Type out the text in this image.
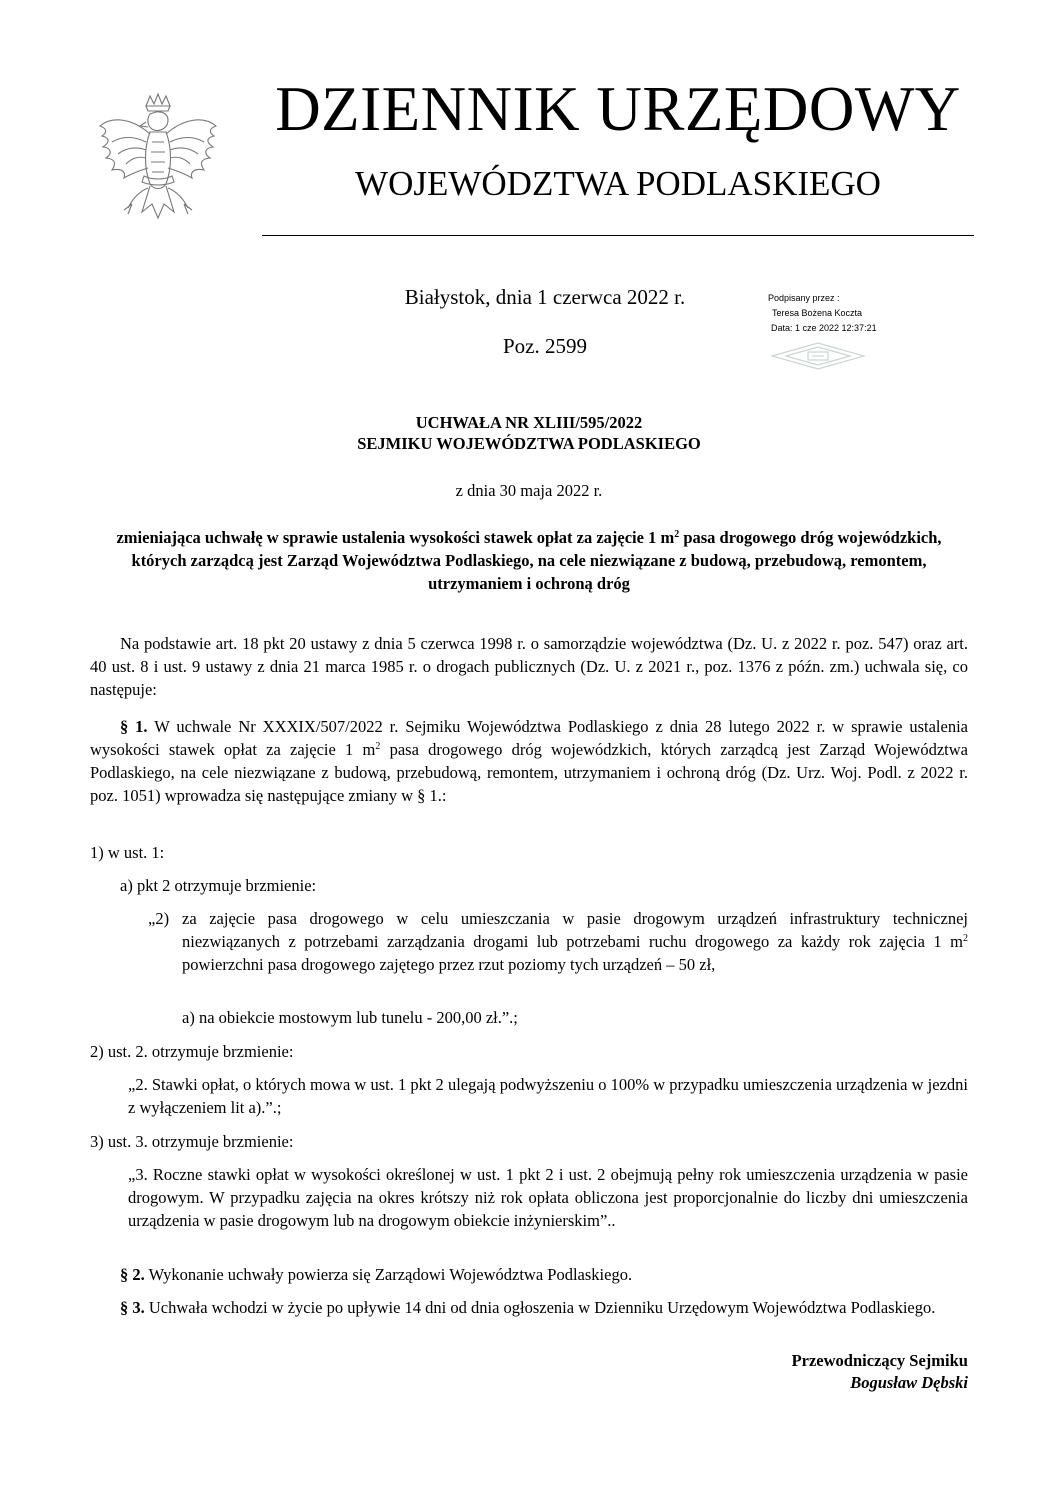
DZIENNIK URZĘDOWY
WOJEWÓDZTWA PODLASKIEGO
Białystok, dnia 1 czerwca 2022 r.
Poz. 2599
Podpisany przez :
Teresa Bożena Koczta
Data: 1 cze 2022 12:37:21
UCHWAŁA NR XLIII/595/2022
SEJMIKU WOJEWÓDZTWA PODLASKIEGO
z dnia 30 maja 2022 r.
zmieniająca uchwałę w sprawie ustalenia wysokości stawek opłat za zajęcie 1 $m^2$ pasa drogowego dróg wojewódzkich, których zarządcą jest Zarząd Województwa Podlaskiego, na cele niezwiązane z budową, przebudową, remontem, utrzymaniem i ochroną dróg
Na podstawie art. 18 pkt 20 ustawy z dnia 5 czerwca 1998 r. o samorządzie województwa (Dz. U. z 2022 r. poz. 547) oraz art. 40 ust. 8 i ust. 9 ustawy z dnia 21 marca 1985 r. o drogach publicznych (Dz. U. z 2021 r., poz. 1376 z późn. zm.) uchwala się, co następuje:
§ 1. W uchwale Nr XXXIX/507/2022 r. Sejmiku Województwa Podlaskiego z dnia 28 lutego 2022 r. w sprawie ustalenia wysokości stawek opłat za zajęcie 1 $m^2$ pasa drogowego dróg wojewódzkich, których zarządcą jest Zarząd Województwa Podlaskiego, na cele niezwiązane z budową, przebudową, remontem, utrzymaniem i ochroną dróg (Dz. Urz. Woj. Podl. z 2022 r. poz. 1051) wprowadza się następujące zmiany w § 1.:
1) w ust. 1:
a) pkt 2 otrzymuje brzmienie:
„2) za zajęcie pasa drogowego w celu umieszczania w pasie drogowym urządzeń infrastruktury technicznej niezwiązanych z potrzebami zarządzania drogami lub potrzebami ruchu drogowego za każdy rok zajęcia 1 $m^2$ powierzchni pasa drogowego zajętego przez rzut poziomy tych urządzeń – 50 zł,
a) na obiekcie mostowym lub tunelu - 200,00 zł.”.;
2) ust. 2. otrzymuje brzmienie:
„2. Stawki opłat, o których mowa w ust. 1 pkt 2 ulegają podwyższeniu o 100% w przypadku umieszczenia urządzenia w jezdni z wyłączeniem lit a).”.;
3) ust. 3. otrzymuje brzmienie:
„3. Roczne stawki opłat w wysokości określonej w ust. 1 pkt 2 i ust. 2 obejmują pełny rok umieszczenia urządzenia w pasie drogowym. W przypadku zajęcia na okres krótszy niż rok opłata obliczona jest proporcjonalnie do liczby dni umieszczenia urządzenia w pasie drogowym lub na drogowym obiekcie inżynierskim”..
§ 2. Wykonanie uchwały powierza się Zarządowi Województwa Podlaskiego.
§ 3. Uchwała wchodzi w życie po upływie 14 dni od dnia ogłoszenia w Dzienniku Urzędowym Województwa Podlaskiego.
Przewodniczący Sejmiku
Bogusław Dębski
